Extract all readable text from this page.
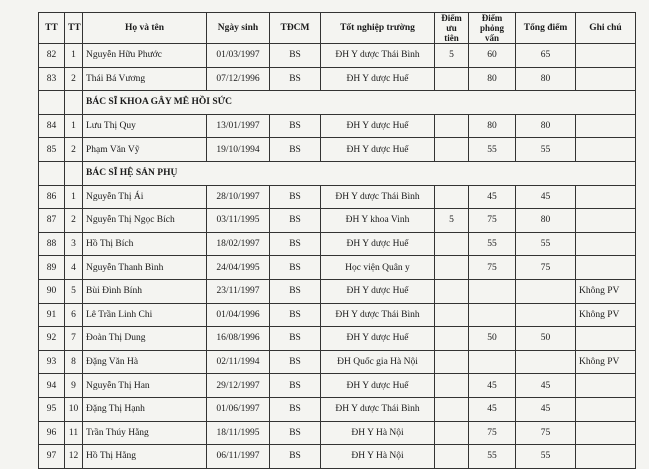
TT	TT	Họ và tên	Ngày sinh	TĐCM	Tốt nghiệp trường	Điểm ưu tiên	Điểm phỏng vấn	Tổng điểm	Ghi chú
82	1	Nguyễn Hữu Phước	01/03/1997	BS	ĐH Y dược Thái Bình	5	60	65	
83	2	Thái Bá Vương	07/12/1996	BS	ĐH Y dược Huế		80	80	
		BÁC SĨ KHOA GÂY MÊ HỒI SỨC							
84	1	Lưu Thị Quy	13/01/1997	BS	ĐH Y dược Huế		80	80	
85	2	Phạm Văn Vỹ	19/10/1994	BS	ĐH Y dược Huế		55	55	
		BÁC SĨ HỆ SẢN PHỤ							
86	1	Nguyễn Thị Ái	28/10/1997	BS	ĐH Y dược Thái Bình		45	45	
87	2	Nguyễn Thị Ngọc Bích	03/11/1995	BS	ĐH Y khoa Vinh	5	75	80	
88	3	Hồ Thị Bích	18/02/1997	BS	ĐH Y dược Huế		55	55	
89	4	Nguyễn Thanh Bình	24/04/1995	BS	Học viện Quân y		75	75	
90	5	Bùi Đình Bính	23/11/1997	BS	ĐH Y dược Huế				Không PV
91	6	Lê Trần Linh Chi	01/04/1996	BS	ĐH Y dược Thái Bình				Không PV
92	7	Đoàn Thị Dung	16/08/1996	BS	ĐH Y dược Huế		50	50	
93	8	Đặng Văn Hà	02/11/1994	BS	ĐH Quốc gia Hà Nội				Không PV
94	9	Nguyễn Thị Han	29/12/1997	BS	ĐH Y dược Huế		45	45	
95	10	Đặng Thị Hạnh	01/06/1997	BS	ĐH Y dược Thái Bình		45	45	
96	11	Trần Thúy Hằng	18/11/1995	BS	ĐH Y Hà Nội		75	75	
97	12	Hồ Thị Hằng	06/11/1997	BS	ĐH Y Hà Nội		55	55	
